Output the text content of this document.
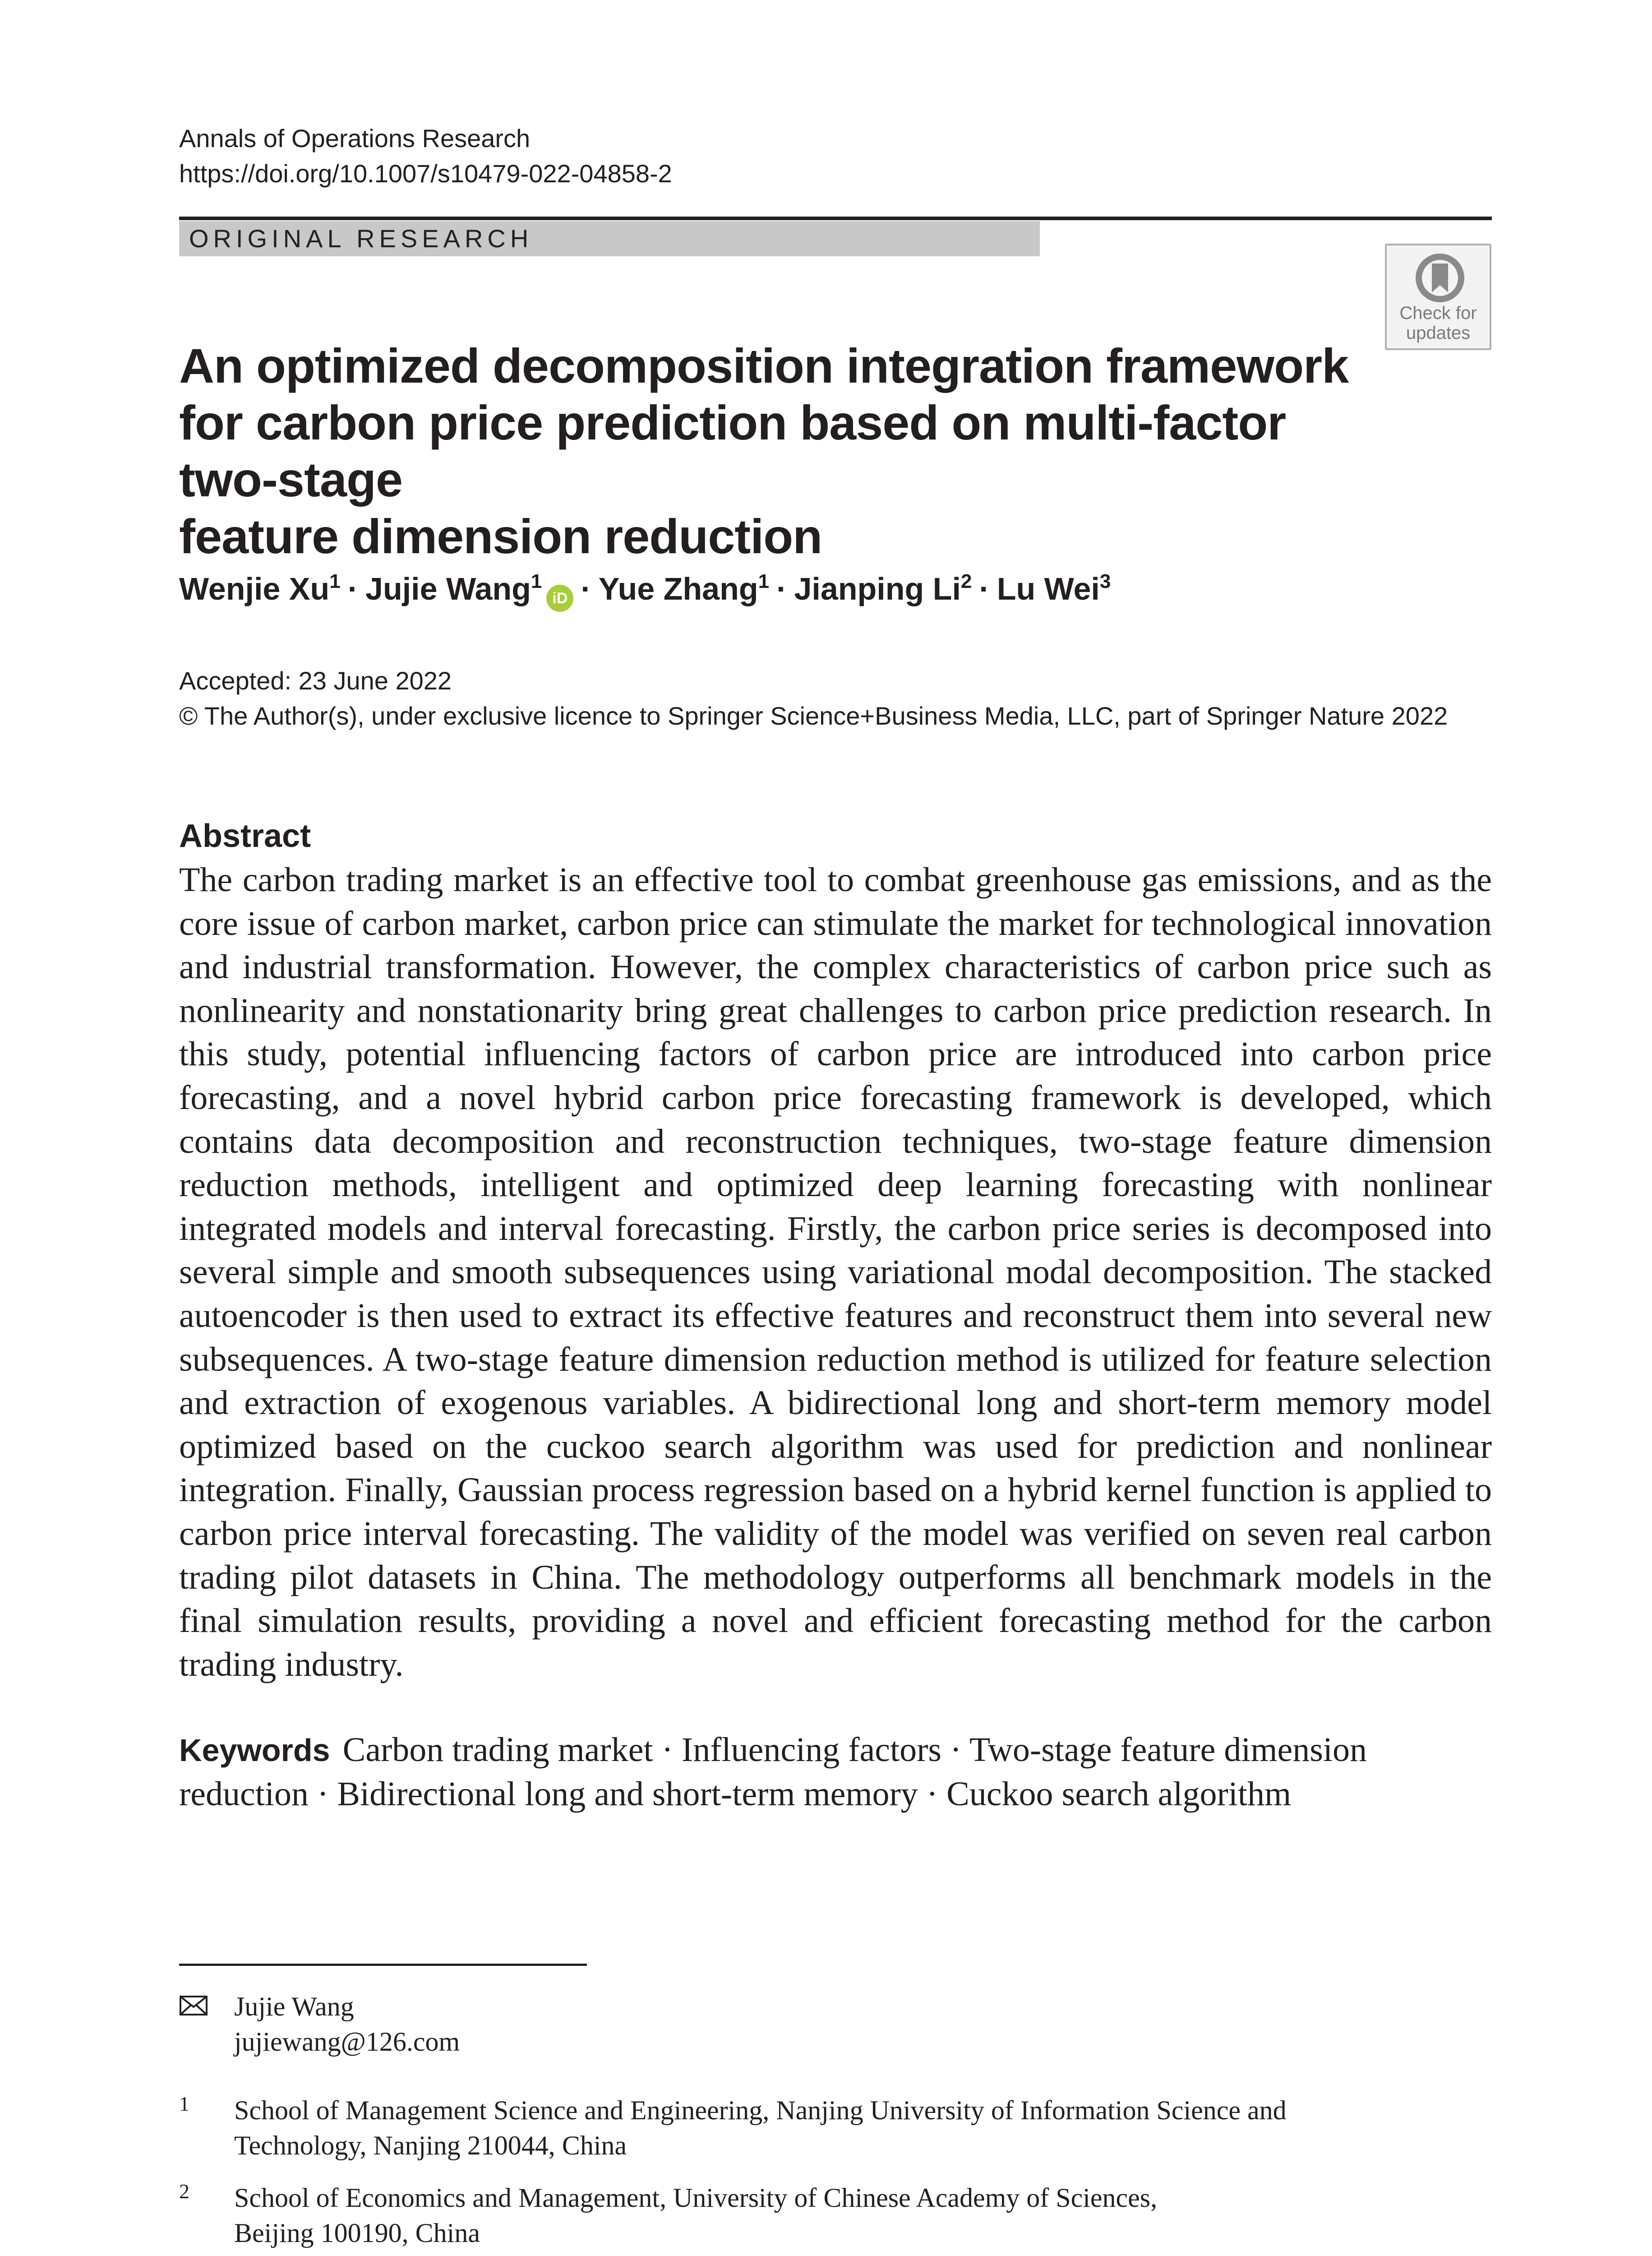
Annals of Operations Research
https://doi.org/10.1007/s10479-022-04858-2
ORIGINAL RESEARCH
Check for
updates
An optimized decomposition integration framework
for carbon price prediction based on multi-factor two-stage
feature dimension reduction
Wenjie $Xu^1$ · Jujie Wang$^1$iD · Yue Zhang$^1$ · Jianping $Li^2 \cdot Lu$ Wei$^3$
Accepted: 23 June 2022
© The Author(s), under exclusive licence to Springer Science+Business Media, LLC, part of Springer Nature 2022
Abstract
The carbon trading market is an effective tool to combat greenhouse gas emissions, and as the core issue of carbon market, carbon price can stimulate the market for technological innovation and industrial transformation. However, the complex characteristics of carbon price such as nonlinearity and nonstationarity bring great challenges to carbon price prediction research. In this study, potential influencing factors of carbon price are introduced into carbon price forecasting, and a novel hybrid carbon price forecasting framework is developed, which contains data decomposition and reconstruction techniques, two-stage feature dimension reduction methods, intelligent and optimized deep learning forecasting with nonlinear integrated models and interval forecasting. Firstly, the carbon price series is decomposed into several simple and smooth subsequences using variational modal decomposition. The stacked autoencoder is then used to extract its effective features and reconstruct them into several new subsequences. A two-stage feature dimension reduction method is utilized for feature selection and extraction of exogenous variables. A bidirectional long and short-term memory model optimized based on the cuckoo search algorithm was used for prediction and nonlinear integration. Finally, Gaussian process regression based on a hybrid kernel function is applied to carbon price interval forecasting. The validity of the model was verified on seven real carbon trading pilot datasets in China. The methodology outperforms all benchmark models in the final simulation results, providing a novel and efficient forecasting method for the carbon trading industry.
Keywords Carbon trading market · Influencing factors · Two-stage feature dimension reduction · Bidirectional long and short-term memory · Cuckoo search algorithm
Jujie Wang
jujiewang@126.com
1 School of Management Science and Engineering, Nanjing University of Information Science and
Technology, Nanjing 210044, China
2 School of Economics and Management, University of Chinese Academy of Sciences,
Beijing 100190, China
